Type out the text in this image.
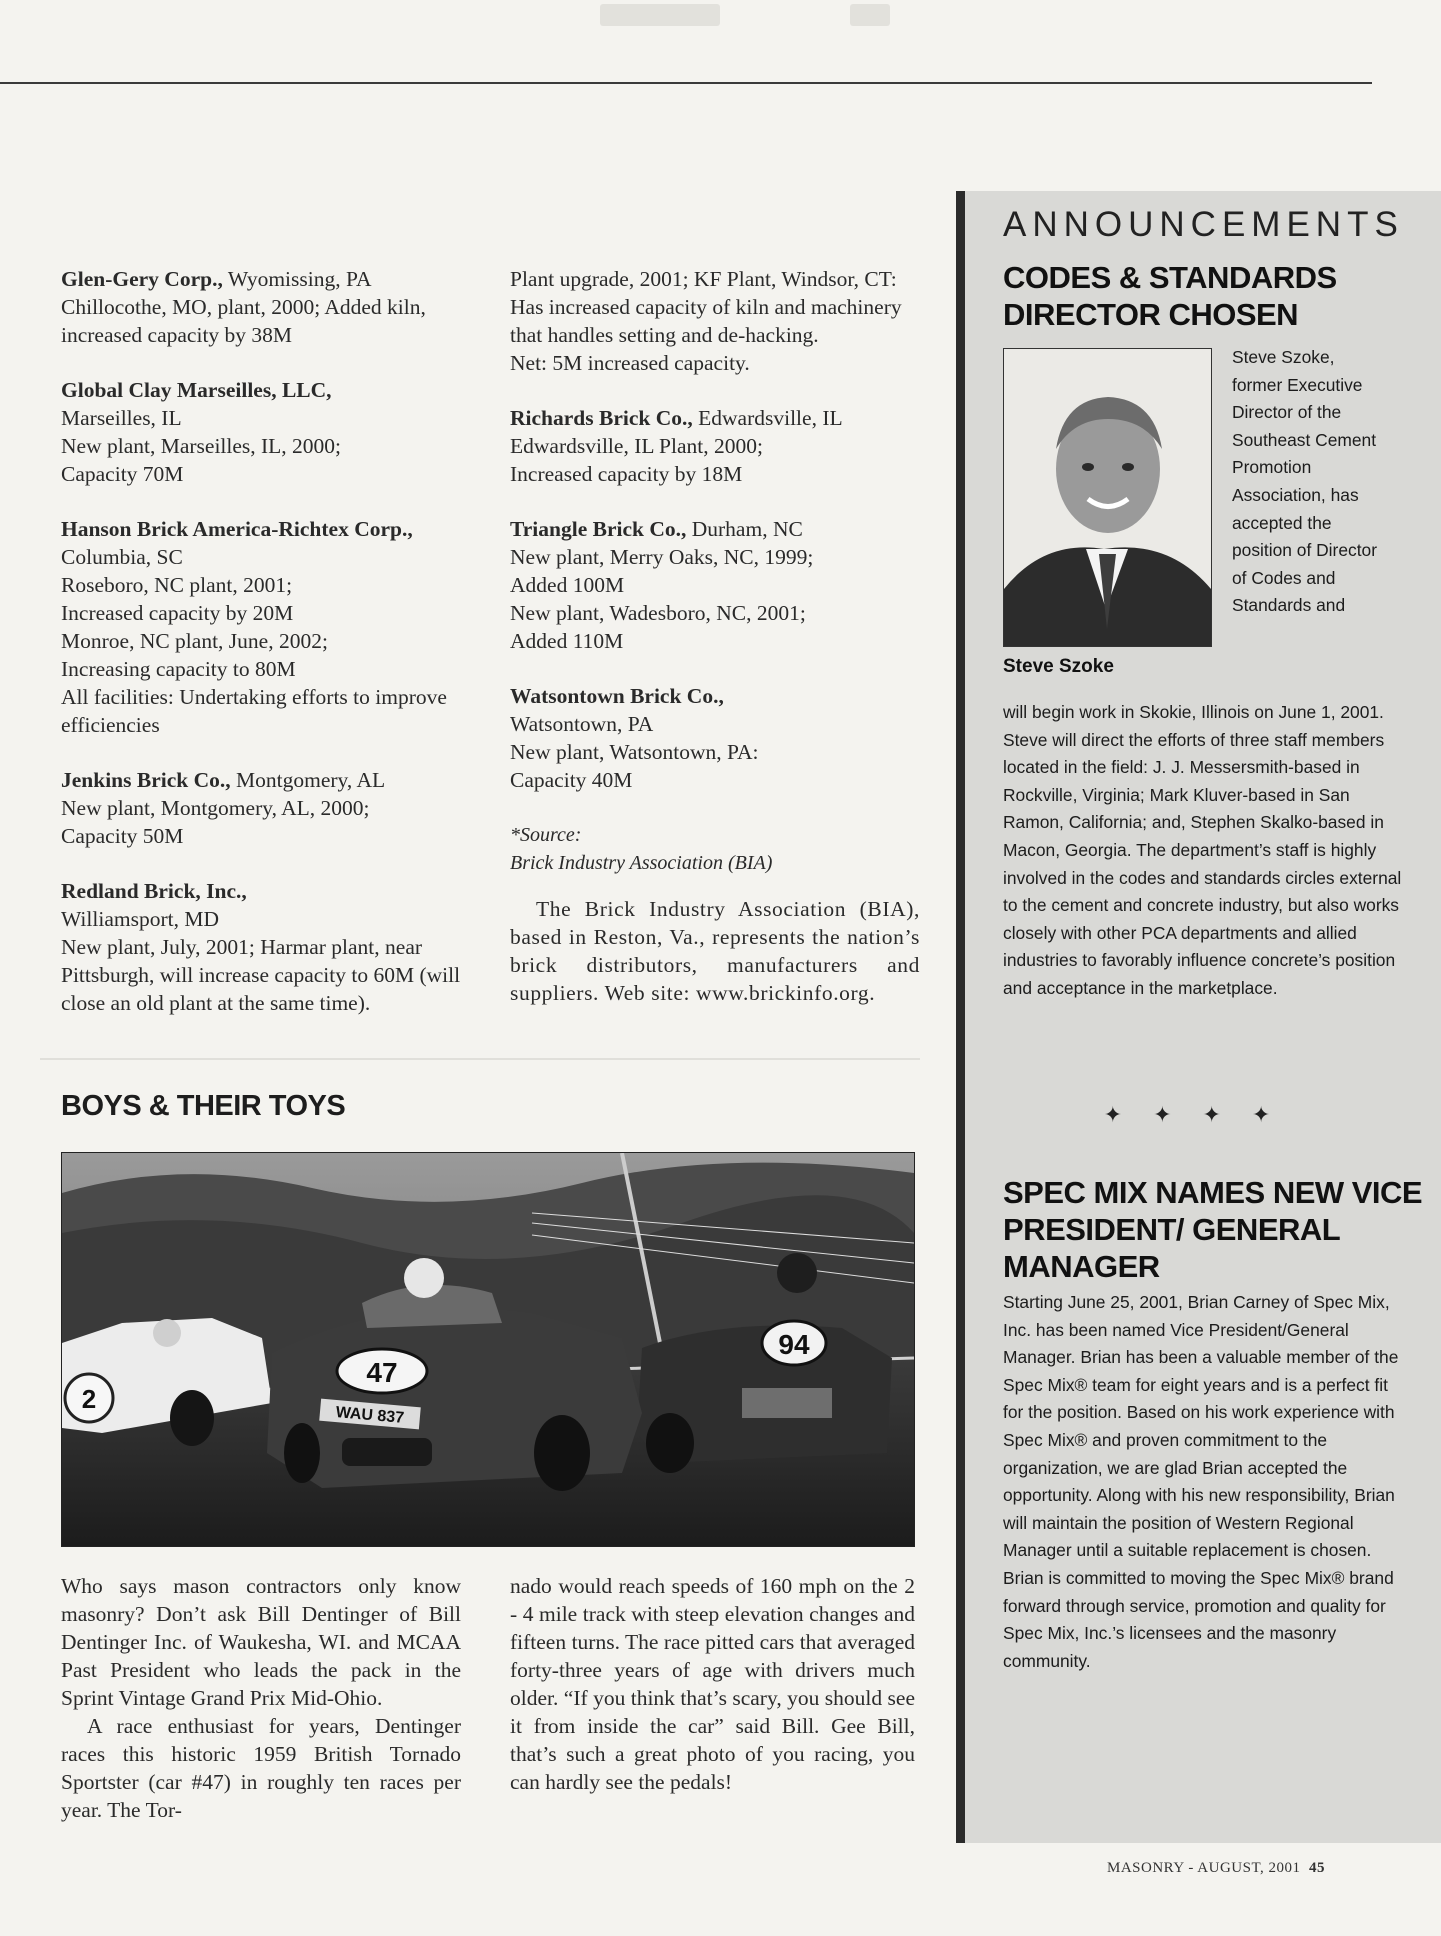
Glen-Gery Corp., Wyomissing, PA

Chillocothe, MO, plant, 2000; Added kiln, increased capacity by 38M

Global Clay Marseilles, LLC,

Marseilles, IL

New plant, Marseilles, IL, 2000;

Capacity 70M

Hanson Brick America-Richtex Corp., Columbia, SC

Roseboro, NC plant, 2001;

Increased capacity by 20M

Monroe, NC plant, June, 2002;

Increasing capacity to 80M

All facilities: Undertaking efforts to improve efficiencies

Jenkins Brick Co., Montgomery, AL

New plant, Montgomery, AL, 2000;

Capacity 50M

Redland Brick, Inc.,

Williamsport, MD

New plant, July, 2001; Harmar plant, near Pittsburgh, will increase capacity to 60M (will close an old plant at the same time).

Plant upgrade, 2001; KF Plant, Windsor, CT: Has increased capacity of kiln and machinery that handles setting and de-hacking.

Net: 5M increased capacity.

Richards Brick Co., Edwardsville, IL

Edwardsville, IL Plant, 2000;

Increased capacity by 18M

Triangle Brick Co., Durham, NC

New plant, Merry Oaks, NC, 1999;

Added 100M

New plant, Wadesboro, NC, 2001;

Added 110M

Watsontown Brick Co.,

Watsontown, PA

New plant, Watsontown, PA:

Capacity 40M

*Source:

Brick Industry Association (BIA)

The Brick Industry Association (BIA), based in Reston, Va., represents the nation’s brick distributors, manufacturers and suppliers. Web site: www.brickinfo.org.

BOYS & THEIR TOYS
2
94
47
WAU 837

Who says mason contractors only know masonry? Don’t ask Bill Dentinger of Bill Dentinger Inc. of Waukesha, WI. and MCAA Past President who leads the pack in the Sprint Vintage Grand Prix Mid-Ohio.

A race enthusiast for years, Dentinger races this historic 1959 British Tornado Sportster (car #47) in roughly ten races per year. The Tor-

nado would reach speeds of 160 mph on the 2 - 4 mile track with steep elevation changes and fifteen turns. The race pitted cars that averaged forty-three years of age with drivers much older. “If you think that’s scary, you should see it from inside the car” said Bill. Gee Bill, that’s such a great photo of you racing, you can hardly see the pedals!

ANNOUNCEMENTS
CODES & STANDARDS DIRECTOR CHOSEN

Steve Szoke

Steve Szoke, former Executive Director of the Southeast Cement Promotion Association, has accepted the position of Director of Codes and Standards and

will begin work in Skokie, Illinois on June 1, 2001. Steve will direct the efforts of three staff members located in the field: J. J. Messersmith-based in Rockville, Virginia; Mark Kluver-based in San Ramon, California; and, Stephen Skalko-based in Macon, Georgia. The department’s staff is highly involved in the codes and standards circles external to the cement and concrete industry, but also works closely with other PCA departments and allied industries to favorably influence concrete’s position and acceptance in the marketplace.

✦ ✦ ✦ ✦

SPEC MIX NAMES NEW VICE PRESIDENT/ GENERAL MANAGER

Starting June 25, 2001, Brian Carney of Spec Mix, Inc. has been named Vice President/General Manager. Brian has been a valuable member of the Spec Mix® team for eight years and is a perfect fit for the position. Based on his work experience with Spec Mix® and proven commitment to the organization, we are glad Brian accepted the opportunity. Along with his new responsibility, Brian will maintain the position of Western Regional Manager until a suitable replacement is chosen. Brian is committed to moving the Spec Mix® brand forward through service, promotion and quality for Spec Mix, Inc.’s licensees and the masonry community.

MASONRY - AUGUST, 2001 45
